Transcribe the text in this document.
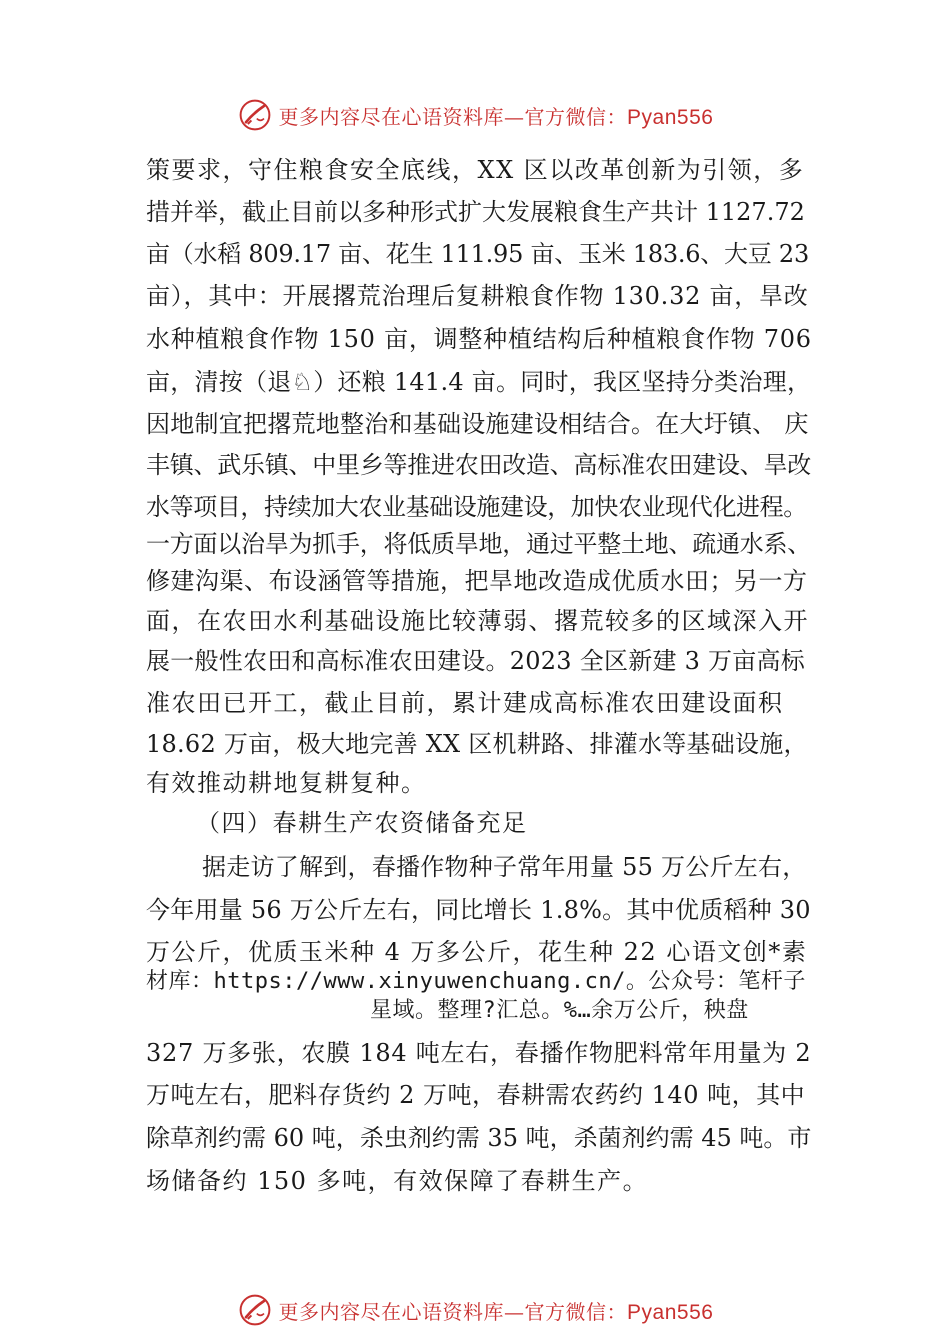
更多内容尽在心语资料库—官方微信：Pyan556
策要求，守住粮食安全底线，XX 区以改革创新为引领，多
措并举，截止目前以多种形式扩大发展粮食生产共计 1127.72
亩（水稻 809.17 亩、花生 111.95 亩、玉米 183.6、大豆 23
亩），其中：开展撂荒治理后复耕粮食作物 130.32 亩，旱改
水种植粮食作物 150 亩，调整种植结构后种植粮食作物 706
亩，清按（退♘）还粮 141.4 亩。同时，我区坚持分类治理，
因地制宜把撂荒地整治和基础设施建设相结合。在大圩镇、 庆
丰镇、武乐镇、中里乡等推进农田改造、高标准农田建设、旱改
水等项目，持续加大农业基础设施建设，加快农业现代化进程。
一方面以治旱为抓手，将低质旱地，通过平整土地、疏通水系、
修建沟渠、布设涵管等措施，把旱地改造成优质水田；另一方
面，在农田水利基础设施比较薄弱、撂荒较多的区域深入开
展一般性农田和高标准农田建设。2023 全区新建 3 万亩高标
准农田已开工，截止目前，累计建成高标准农田建设面积
18.62 万亩，极大地完善 XX 区机耕路、排灌水等基础设施，
有效推动耕地复耕复种。
（四）春耕生产农资储备充足
据走访了解到，春播作物种子常年用量 55 万公斤左右，
今年用量 56 万公斤左右，同比增长 1.8%。其中优质稻种 30
万公斤，优质玉米种 4 万多公斤，花生种 22 心语文创*素
材库：https://www.xinyuwenchuang.cn/。公众号：笔杆子
星域。整理?汇总。%…余万公斤，秧盘
327 万多张，农膜 184 吨左右，春播作物肥料常年用量为 2
万吨左右，肥料存货约 2 万吨，春耕需农药约 140 吨，其中
除草剂约需 60 吨，杀虫剂约需 35 吨，杀菌剂约需 45 吨。市
场储备约 150 多吨，有效保障了春耕生产。
更多内容尽在心语资料库—官方微信：Pyan556
